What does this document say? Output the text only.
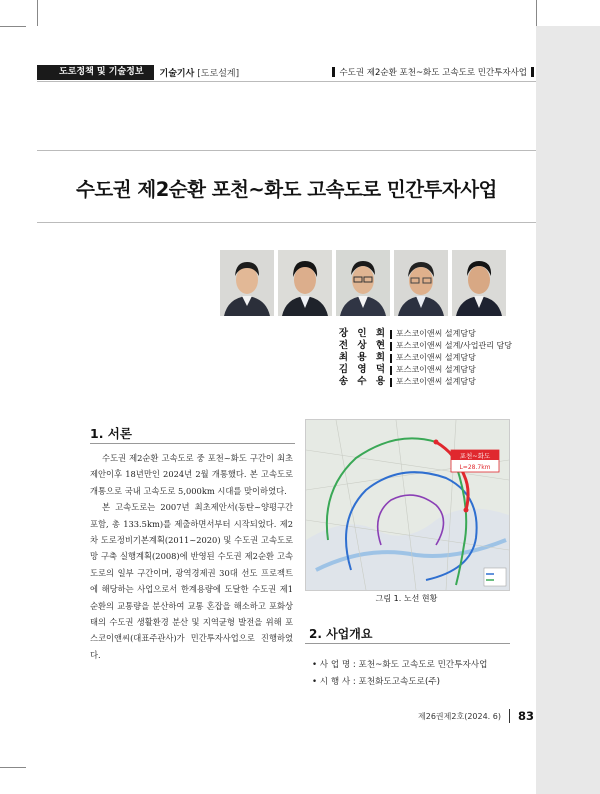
도로정책 및 기술정보	기술기사 [도로설계]	수도권 제2순환 포천~화도 고속도로 민간투자사업
수도권 제2순환 포천~화도 고속도로 민간투자사업
장 인 희 포스코이앤씨 설계담당
전 상 현 포스코이앤씨 설계/사업관리 담당
최 용 희 포스코이앤씨 설계담당
김 영 덕 포스코이앤씨 설계담당
송 수 용 포스코이앤씨 설계담당
1. 서론

수도권 제2순환 고속도로 중 포천~화도 구간이 최초 제안이후 18년만인 2024년 2월 개통했다. 본 고속도로 개통으로 국내 고속도로 5,000km 시대를 맞이하였다.

본 고속도로는 2007년 최초제안서(동탄~양평구간 포함, 총 133.5km)를 제출하면서부터 시작되었다. 제2차 도로정비기본계획(2011~2020) 및 수도권 고속도로망 구축 실행계획(2008)에 반영된 수도권 제2순환 고속도로의 일부 구간이며, 광역경제권 30대 선도 프로젝트에 해당하는 사업으로서 한계용량에 도달한 수도권 제1순환의 교통량을 분산하여 교통 혼잡을 해소하고 포화상태의 수도권 생활환경 분산 및 지역균형 발전을 위해 포스코이앤씨(대표주관사)가 민간투자사업으로 진행하였다.

포천~화도
L=28.7km
그림 1. 노선 현황
2. 사업개요
• 사 업 명 : 포천~화도 고속도로 민간투자사업
• 시 행 사 : 포천화도고속도로(주)
제26권제2호(2024. 6) 83
